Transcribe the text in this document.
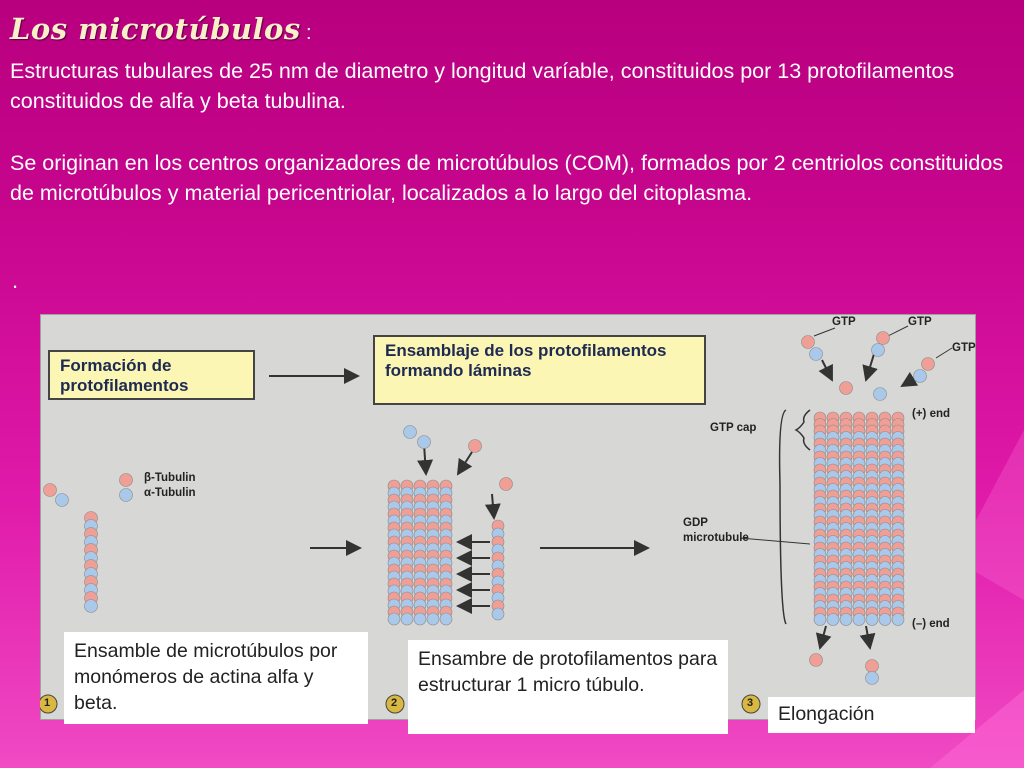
Los microtúbulos :
Estructuras tubulares de 25 nm de diametro y longitud varíable, constituidos por 13 protofilamentos constituidos de alfa y beta tubulina.
Se originan en los centros organizadores de microtúbulos (COM), formados por 2 centriolos constituidos de microtúbulos y material pericentriolar, localizados a lo largo del citoplasma.
.
Formación de protofilamentos
Ensamblaje de los protofilamentos formando láminas
β-Tubulin
α-Tubulin
GTP cap
GDP microtubule
(+) end
(–) end
GTP	GTP
GTP
1	2	3
Ensamble de microtúbulos por monómeros de actina alfa y beta.
Ensambre de protofilamentos para estructurar 1 micro túbulo.
Elongación
